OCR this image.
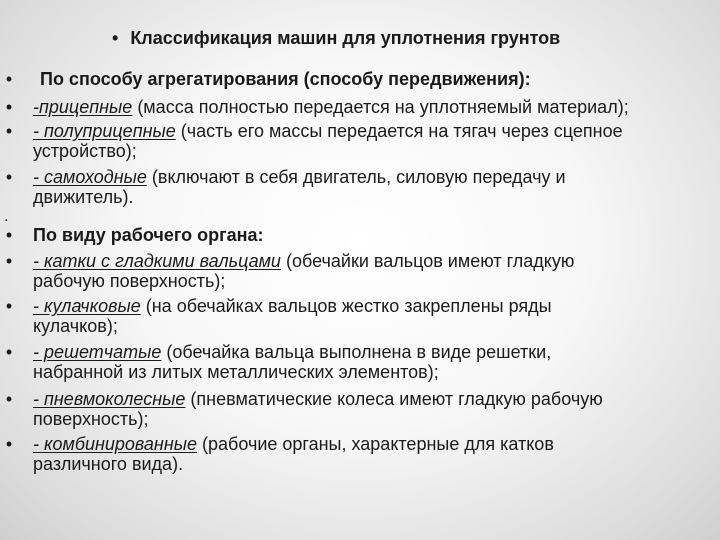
• Классификация машин для уплотнения грунтов
• По способу агрегатирования (способу передвижения):
• -прицепные (масса полностью передается на уплотняемый материал);
• - полуприцепные (часть его массы передается на тягач через сцепное
устройство);
• - самоходные (включают в себя двигатель, силовую передачу и
движитель).
.
• По виду рабочего органа:
• - катки с гладкими вальцами (обечайки вальцов имеют гладкую
рабочую поверхность);
• - кулачковые (на обечайках вальцов жестко закреплены ряды
кулачков);
• - решетчатые (обечайка вальца выполнена в виде решетки,
набранной из литых металлических элементов);
• - пневмоколесные (пневматические колеса имеют гладкую рабочую
поверхность);
• - комбинированные (рабочие органы, характерные для катков
различного вида).
